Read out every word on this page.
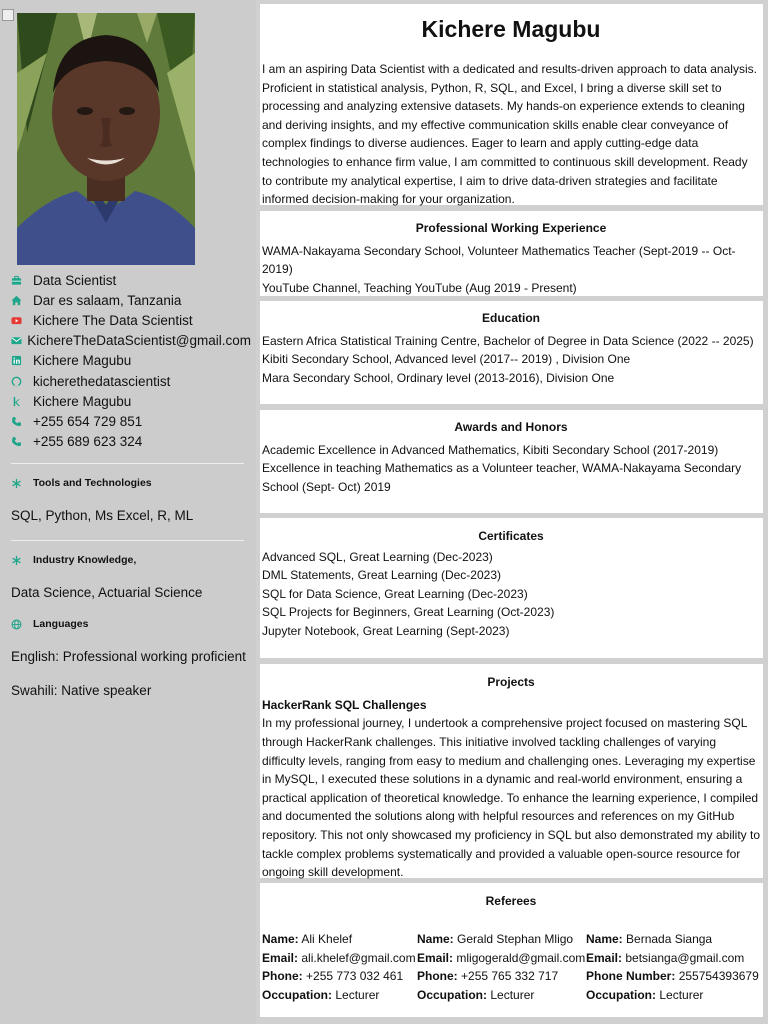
Data Scientist
Dar es salaam, Tanzania
Kichere The Data Scientist
KichereTheDataScientist@gmail.com
Kichere Magubu
kicherethedatascientist
Kichere Magubu
+255 654 729 851
+255 689 623 324
Tools and Technologies
SQL, Python, Ms Excel, R, ML
Industry Knowledge,
Data Science, Actuarial Science
Languages
English: Professional working proficient
Swahili: Native speaker
Kichere Magubu
I am an aspiring Data Scientist with a dedicated and results-driven approach to data analysis. Proficient in statistical analysis, Python, R, SQL, and Excel, I bring a diverse skill set to processing and analyzing extensive datasets. My hands-on experience extends to cleaning and deriving insights, and my effective communication skills enable clear conveyance of complex findings to diverse audiences. Eager to learn and apply cutting-edge data technologies to enhance firm value, I am committed to continuous skill development. Ready to contribute my analytical expertise, I aim to drive data-driven strategies and facilitate informed decision-making for your organization.
Professional Working Experience
WAMA-Nakayama Secondary School, Volunteer Mathematics Teacher (Sept-2019 -- Oct-2019)
YouTube Channel, Teaching YouTube (Aug 2019 - Present)
Education
Eastern Africa Statistical Training Centre, Bachelor of Degree in Data Science (2022 -- 2025)
Kibiti Secondary School, Advanced level (2017-- 2019) , Division One
Mara Secondary School, Ordinary level (2013-2016), Division One
Awards and Honors
Academic Excellence in Advanced Mathematics, Kibiti Secondary School (2017-2019)
Excellence in teaching Mathematics as a Volunteer teacher, WAMA-Nakayama Secondary School (Sept- Oct) 2019
Certificates
Advanced SQL, Great Learning (Dec-2023)
DML Statements, Great Learning (Dec-2023)
SQL for Data Science, Great Learning (Dec-2023)
SQL Projects for Beginners, Great Learning (Oct-2023)
Jupyter Notebook, Great Learning (Sept-2023)
Projects
HackerRank SQL Challenges
In my professional journey, I undertook a comprehensive project focused on mastering SQL through HackerRank challenges. This initiative involved tackling challenges of varying difficulty levels, ranging from easy to medium and challenging ones. Leveraging my expertise in MySQL, I executed these solutions in a dynamic and real-world environment, ensuring a practical application of theoretical knowledge. To enhance the learning experience, I compiled and documented the solutions along with helpful resources and references on my GitHub repository. This not only showcased my proficiency in SQL but also demonstrated my ability to tackle complex problems systematically and provided a valuable open-source resource for ongoing skill development.
Referees
Name: Ali Khelef
Email: ali.khelef@gmail.com
Phone: +255 773 032 461
Occupation: Lecturer
Name: Gerald Stephan Mligo
Email: mligogerald@gmail.com
Phone: +255 765 332 717
Occupation: Lecturer
Name: Bernada Sianga
Email: betsianga@gmail.com
Phone Number: 255754393679
Occupation: Lecturer
